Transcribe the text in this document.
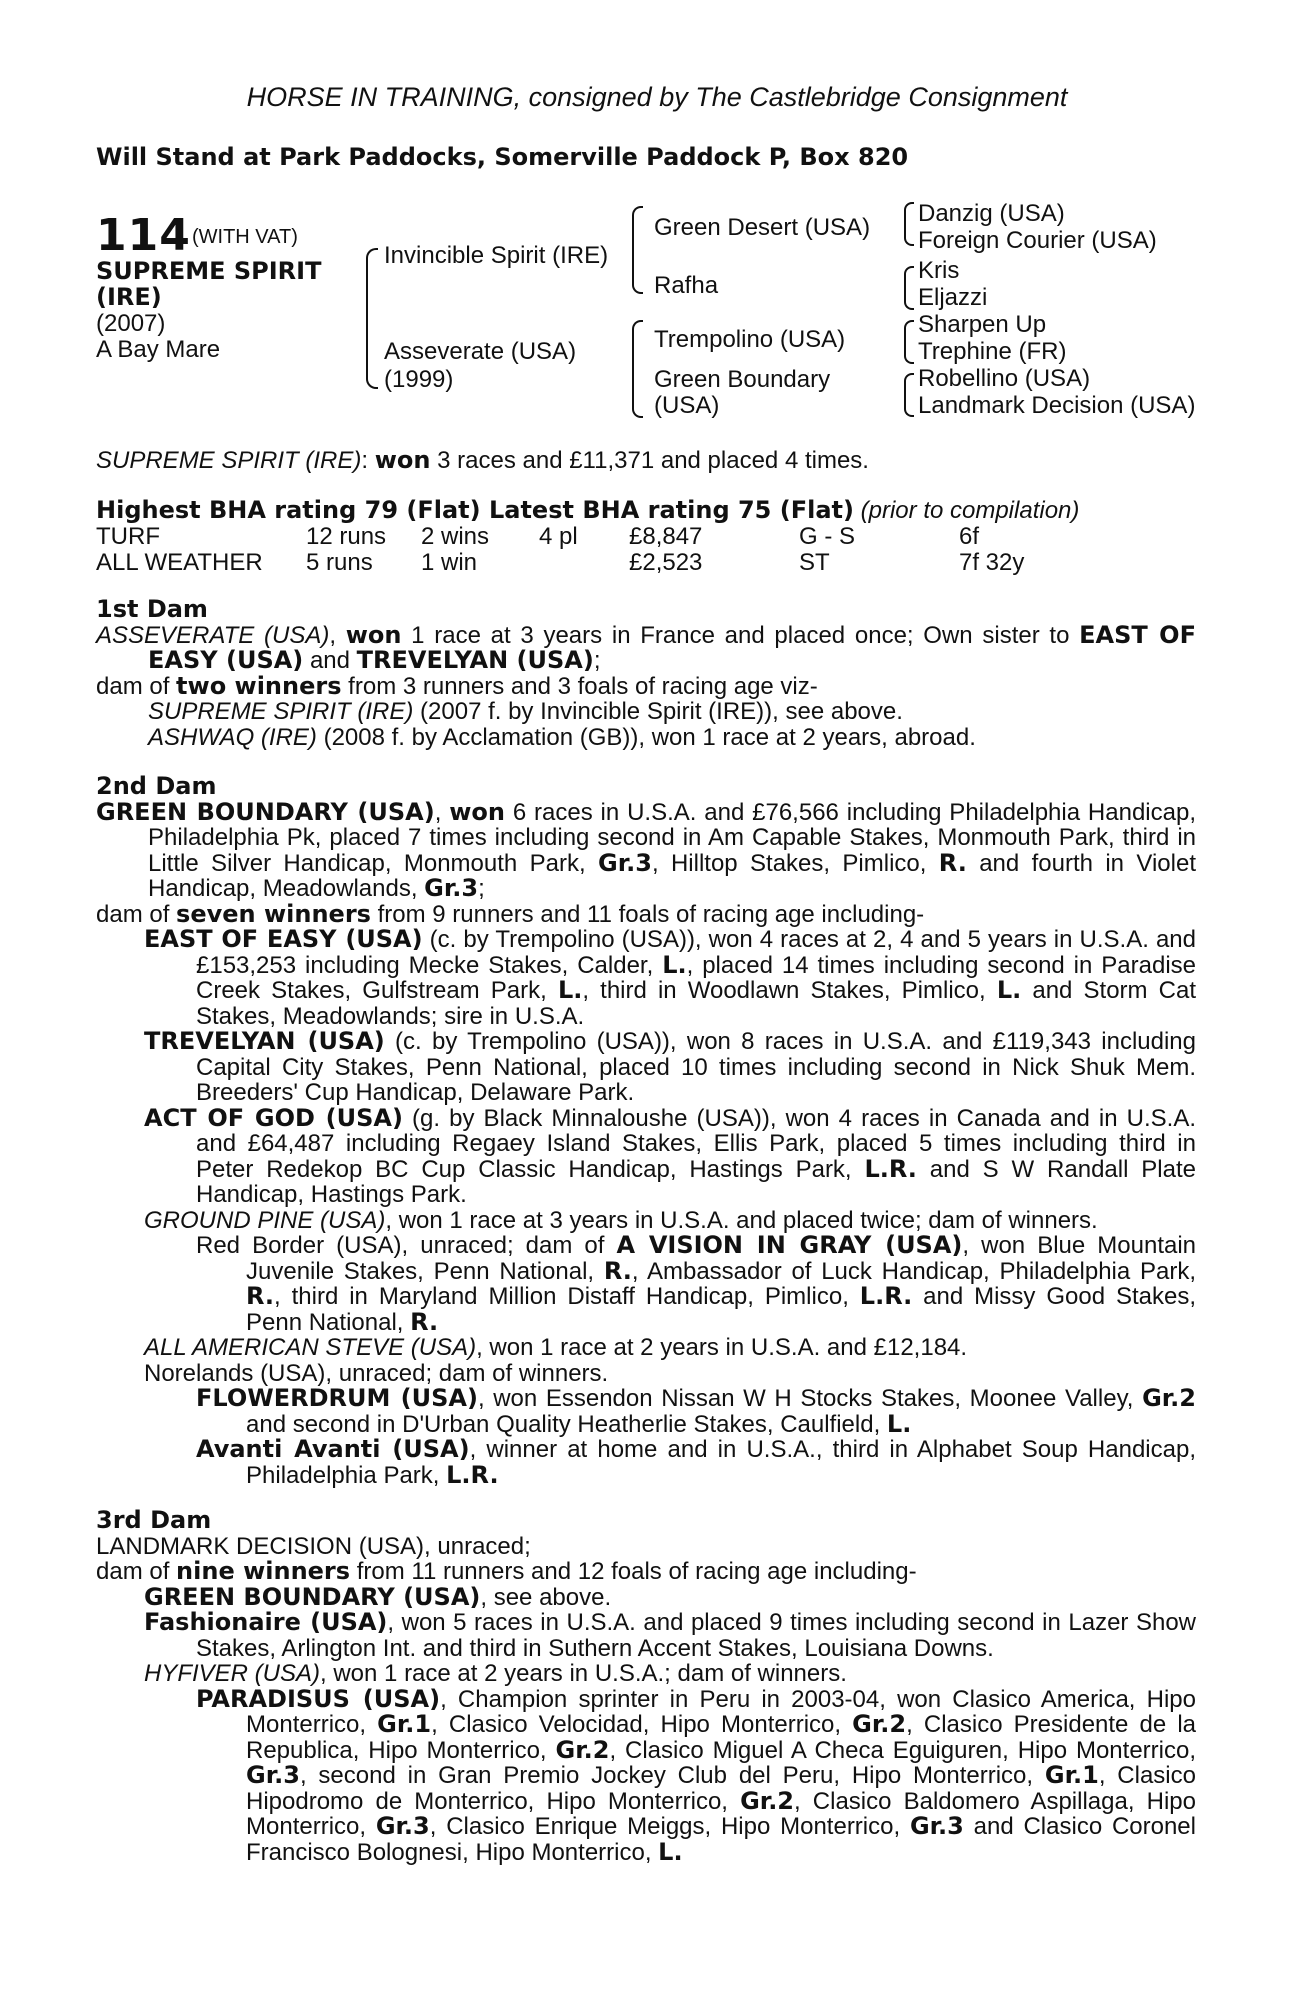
HORSE IN TRAINING, consigned by The Castlebridge Consignment
Will Stand at Park Paddocks, Somerville Paddock P, Box 820
114 (WITH VAT)
SUPREME SPIRIT
(IRE)
(2007)
A Bay Mare
Invincible Spirit (IRE)
Asseverate (USA)
(1999)
Green Desert (USA)
Rafha
Trempolino (USA)
Green Boundary
(USA)
Danzig (USA)
Foreign Courier (USA)
Kris
Eljazzi
Sharpen Up
Trephine (FR)
Robellino (USA)
Landmark Decision (USA)
SUPREME SPIRIT (IRE): won 3 races and £11,371 and placed 4 times.
Highest BHA rating 79 (Flat) Latest BHA rating 75 (Flat) (prior to compilation)
TURF	12 runs	2 wins	4 pl	£8,847	G - S	6f
ALL WEATHER	5 runs	1 win		£2,523	ST	7f 32y

1st Dam

ASSEVERATE (USA), won 1 race at 3 years in France and placed once; Own sister to EAST OF EASY (USA) and TREVELYAN (USA);

dam of two winners from 3 runners and 3 foals of racing age viz-

SUPREME SPIRIT (IRE) (2007 f. by Invincible Spirit (IRE)), see above.

ASHWAQ (IRE) (2008 f. by Acclamation (GB)), won 1 race at 2 years, abroad.

2nd Dam

GREEN BOUNDARY (USA), won 6 races in U.S.A. and £76,566 including Philadelphia Handicap, Philadelphia Pk, placed 7 times including second in Am Capable Stakes, Monmouth Park, third in Little Silver Handicap, Monmouth Park, Gr.3, Hilltop Stakes, Pimlico, R. and fourth in Violet Handicap, Meadowlands, Gr.3;

dam of seven winners from 9 runners and 11 foals of racing age including-

EAST OF EASY (USA) (c. by Trempolino (USA)), won 4 races at 2, 4 and 5 years in U.S.A. and £153,253 including Mecke Stakes, Calder, L., placed 14 times including second in Paradise Creek Stakes, Gulfstream Park, L., third in Woodlawn Stakes, Pimlico, L. and Storm Cat Stakes, Meadowlands; sire in U.S.A.

TREVELYAN (USA) (c. by Trempolino (USA)), won 8 races in U.S.A. and £119,343 including Capital City Stakes, Penn National, placed 10 times including second in Nick Shuk Mem. Breeders' Cup Handicap, Delaware Park.

ACT OF GOD (USA) (g. by Black Minnaloushe (USA)), won 4 races in Canada and in U.S.A. and £64,487 including Regaey Island Stakes, Ellis Park, placed 5 times including third in Peter Redekop BC Cup Classic Handicap, Hastings Park, L.R. and S W Randall Plate Handicap, Hastings Park.

GROUND PINE (USA), won 1 race at 3 years in U.S.A. and placed twice; dam of winners.

Red Border (USA), unraced; dam of A VISION IN GRAY (USA), won Blue Mountain Juvenile Stakes, Penn National, R., Ambassador of Luck Handicap, Philadelphia Park, R., third in Maryland Million Distaff Handicap, Pimlico, L.R. and Missy Good Stakes, Penn National, R.

ALL AMERICAN STEVE (USA), won 1 race at 2 years in U.S.A. and £12,184.

Norelands (USA), unraced; dam of winners.

FLOWERDRUM (USA), won Essendon Nissan W H Stocks Stakes, Moonee Valley, Gr.2 and second in D'Urban Quality Heatherlie Stakes, Caulfield, L.

Avanti Avanti (USA), winner at home and in U.S.A., third in Alphabet Soup Handicap, Philadelphia Park, L.R.

3rd Dam

LANDMARK DECISION (USA), unraced;

dam of nine winners from 11 runners and 12 foals of racing age including-

GREEN BOUNDARY (USA), see above.

Fashionaire (USA), won 5 races in U.S.A. and placed 9 times including second in Lazer Show Stakes, Arlington Int. and third in Suthern Accent Stakes, Louisiana Downs.

HYFIVER (USA), won 1 race at 2 years in U.S.A.; dam of winners.

PARADISUS (USA), Champion sprinter in Peru in 2003-04, won Clasico America, Hipo Monterrico, Gr.1, Clasico Velocidad, Hipo Monterrico, Gr.2, Clasico Presidente de la Republica, Hipo Monterrico, Gr.2, Clasico Miguel A Checa Eguiguren, Hipo Monterrico, Gr.3, second in Gran Premio Jockey Club del Peru, Hipo Monterrico, Gr.1, Clasico Hipodromo de Monterrico, Hipo Monterrico, Gr.2, Clasico Baldomero Aspillaga, Hipo Monterrico, Gr.3, Clasico Enrique Meiggs, Hipo Monterrico, Gr.3 and Clasico Coronel Francisco Bolognesi, Hipo Monterrico, L.
